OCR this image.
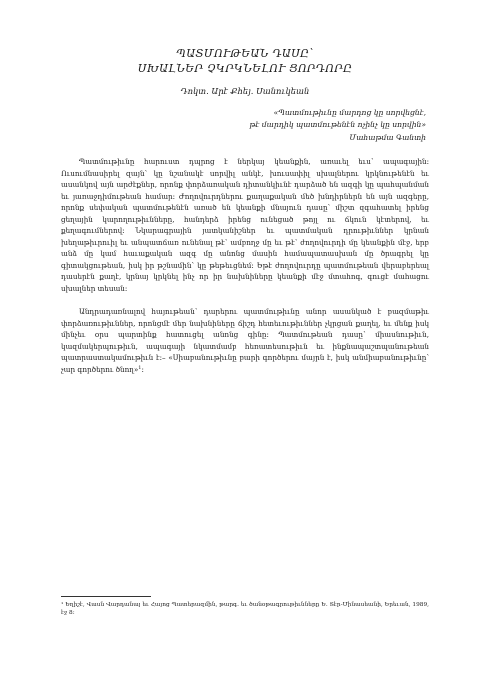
ՊԱՏՄՈՒԹԵԱՆ ԴԱՍԸ՝
ՍԽԱԼՆԵՐ ՉԿՐԿՆԵԼՈՒ ՑՈՐԴՈՐԸ
Դոկտ. Արէ Քհեյ. Սանուկեան
«Պատմութիւնը մարդոց կը սորվեցնէ,
թէ մարդիկ պատմութենէն ոչինչ կը սորվին»
Մահաթմա Գանտի

Պատմութիւնը հարուստ դպրոց է ներկայ կեանքին, առաւել եւս՝ ապագային: Ուսումնասիրել զայն՝ կը նշանակէ սորվիլ անկէ, խուսափիլ սխալներու կրկնութենէն եւ ասանկով այն արժէքներ, որոնք փորձառական դիտանկիւնէ դարձած են ազգի կը պահպանման եւ յառաջդիմութեան համար: Ժողովուրդներու քաղաքական մեծ խնդիրներն են այն ազգերը, որոնք սեփական պատմութենէն առած են կեանքի մնայուն դասը՝ միշտ զգահատել իրենց ցեղային կարողութիւնները, հանդերձ իրենց ունեցած թոյլ ու ճկուն կէտերով, եւ քեղագումներով: Նկարագրային յատկանիշներ եւ պատմական դրութիւններ կրնան խեղաթիւրուիլ եւ անպատճառ ունենալ թէ՝ ամբողջ մը եւ թէ՝ ժողովուրդի մը կեանքին մէջ, երբ անձ մը կամ հաւաքական ազգ մը անոնց մասին համապատասխան մը ծրագրել կը գիտակցութեան, իսկ իր թշնամին՝ կը թեթեւցնեմ: Եթէ ժողովուրդը պատմութեան վերաբերեալ դասերէն քաղէ, կրնայ կրկնել ինչ որ իր նախնիները կեանքի մէջ մտահոգ, գուցէ մահացու սխալներ տեսան:

Անդրադառնալով հայութեան՝ դարերու պատմութիւնը անոր ասանկած է բազմաթիւ փորձառութիւններ, որոնցմէ մեր նախնիները ճիշդ հետեւութիւններ չկրցան քաղել, եւ մենք իսկ մինչեւ օրս պարտինք հատուցել անոնց գինը: Պատմութեան դասը՝ միասնութիւն, կազմակերպութիւն, ապագայի նկատմամբ հեռատեսութիւն եւ ինքնապաշտպանութեան պատրաստակամութիւն է:– «Սիաբանութիւնը բարի գործերու մայրն է, իսկ անմիաբանութիւնը՝ չար գործերու ծնող»$^1$:

¹ Եղիշէ, Վասն Վարդանայ եւ Հայոց Պատերազմին, թարգ. եւ ծանօթագրութիւնները Ե. Տէր-Մինասեանի, Երեւան, 1989, էջ 8:
